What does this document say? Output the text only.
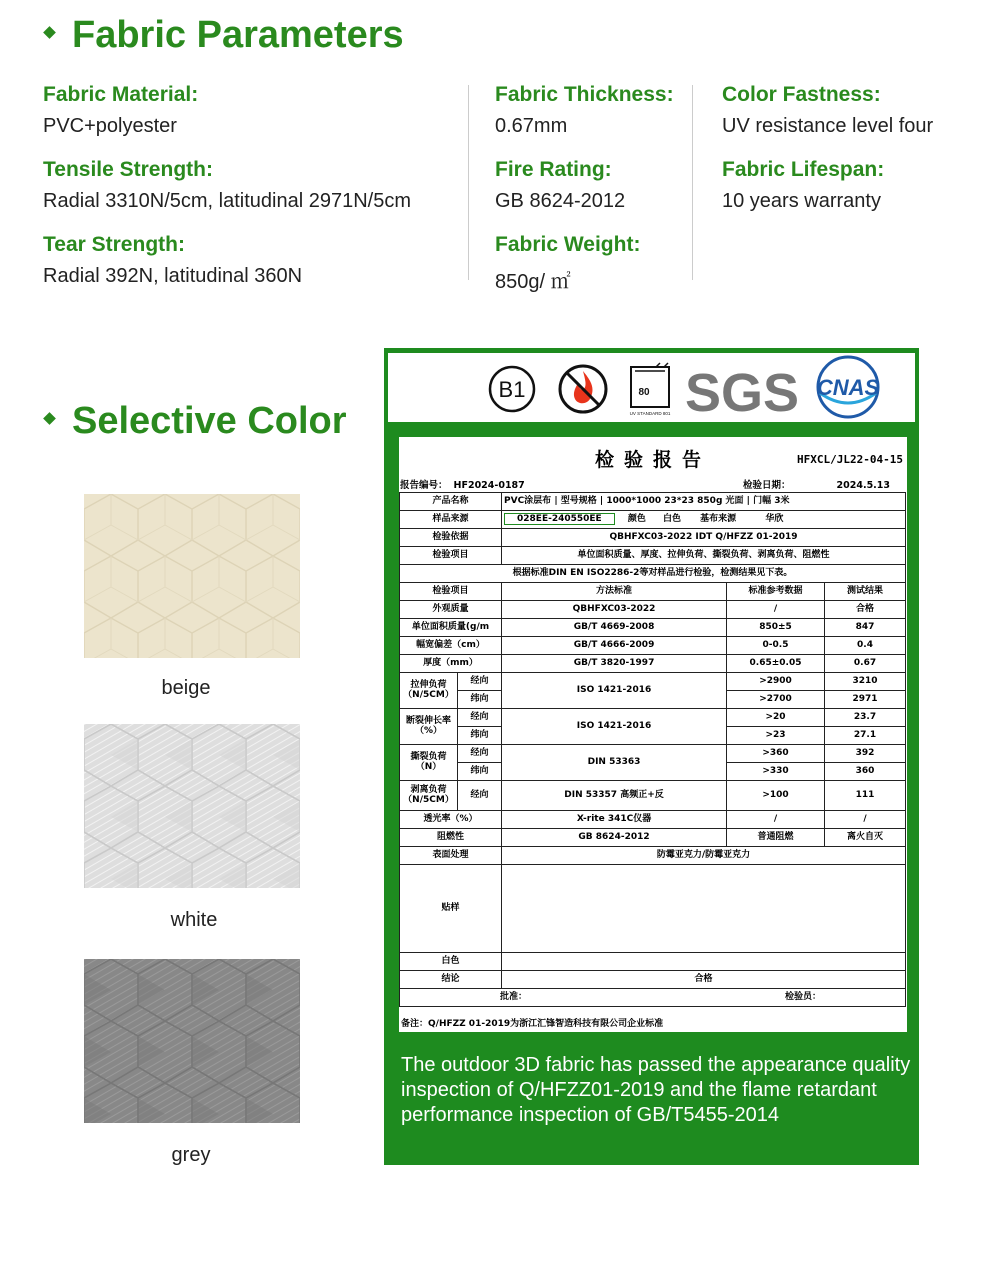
Fabric Parameters
Fabric Material:
PVC+polyester
Tensile Strength:
Radial 3310N/5cm, latitudinal 2971N/5cm
Tear Strength:
Radial 392N, latitudinal 360N
Fabric Thickness:
0.67mm
Fire Rating:
GB 8624-2012
Fabric Weight:
850g/ ㎡
Color Fastness:
UV resistance level four
Fabric Lifespan:
10 years warranty
Selective Color
beige
white
grey
B1	80
UV STANDARD 801 SGS CNAS
检验报告	HFXCL/JL22-04-15
报告编号： HF2024-0187	检验日期：	2024.5.13
产品名称		PVC涂层布 | 型号规格 | 1000*1000 23*23 850g 光面 | 门幅 3米		
样品来源		028EE-240550EE 颜色 白色 基布来源 华欣		
检验依据		QBHFXC03-2022 IDT Q/HFZZ 01-2019		
检验项目		单位面积质量、厚度、拉伸负荷、撕裂负荷、剥离负荷、阻燃性		
根据标准DIN EN ISO2286-2等对样品进行检验，检测结果见下表。				
检验项目		方法标准	标准参考数据	测试结果
外观质量		QBHFXC03-2022	/	合格
单位面积质量(g/m		GB/T 4669-2008	850±5	847
幅宽偏差（cm）		GB/T 4666-2009	0-0.5	0.4
厚度（mm）		GB/T 3820-1997	0.65±0.05	0.67
拉伸负荷（N/5CM）	经向	ISO 1421-2016	>2900	3210
	纬向		>2700	2971
断裂伸长率（%）	经向	ISO 1421-2016	>20	23.7
	纬向		>23	27.1
撕裂负荷（N）	经向	DIN 53363	>360	392
	纬向		>330	360
剥离负荷（N/5CM）	经向	DIN 53357 高频正+反	>100	111
透光率（%）		X-rite 341C仪器	/	/
阻燃性		GB 8624-2012	普通阻燃	离火自灭
表面处理		防霉亚克力/防霉亚克力		
贴样				
白色				
结论		合格		
批准： 检验员：				
备注：Q/HFZZ 01-2019为浙江汇锋智造科技有限公司企业标准
The outdoor 3D fabric has passed the appearance quality inspection of Q/HFZZ01-2019 and the flame retardant performance inspection of GB/T5455-2014
